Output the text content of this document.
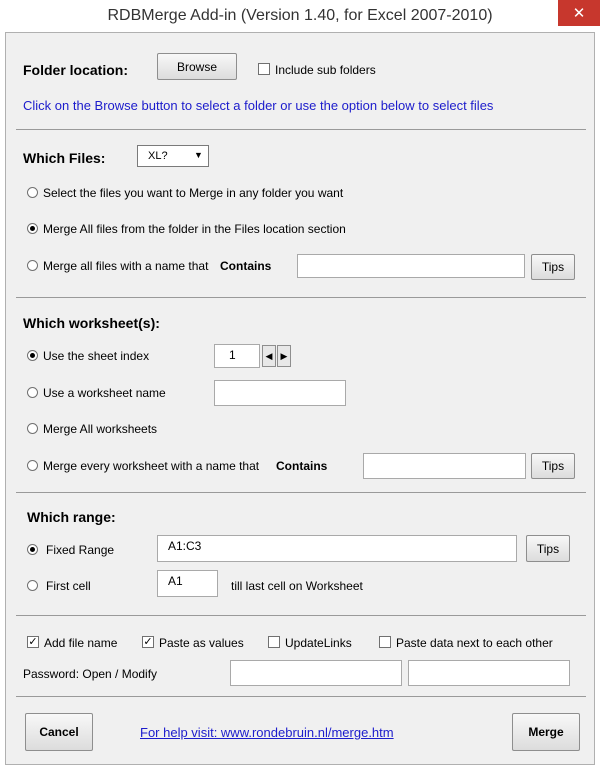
RDBMerge Add-in (Version 1.40, for Excel 2007-2010)	✕
Folder location:	Browse	Include sub folders
Click on the Browse button to select a folder or use the option below to select files
Which Files:	XL?	▼
Select the files you want to Merge in any folder you want
Merge All files from the folder in the Files location section
Merge all files with a name that Contains	Tips
Which worksheet(s):
Use the sheet index	1	◀ ▶
Use a worksheet name
Merge All worksheets
Merge every worksheet with a name that Contains	Tips
Which range:
Fixed Range	A1:C3	Tips
First cell	A1	till last cell on Worksheet
✓ Add file name ✓ Paste as values	UpdateLinks	Paste data next to each other
Password: Open / Modify
Cancel	For help visit: www.rondebruin.nl/merge.htm	Merge
